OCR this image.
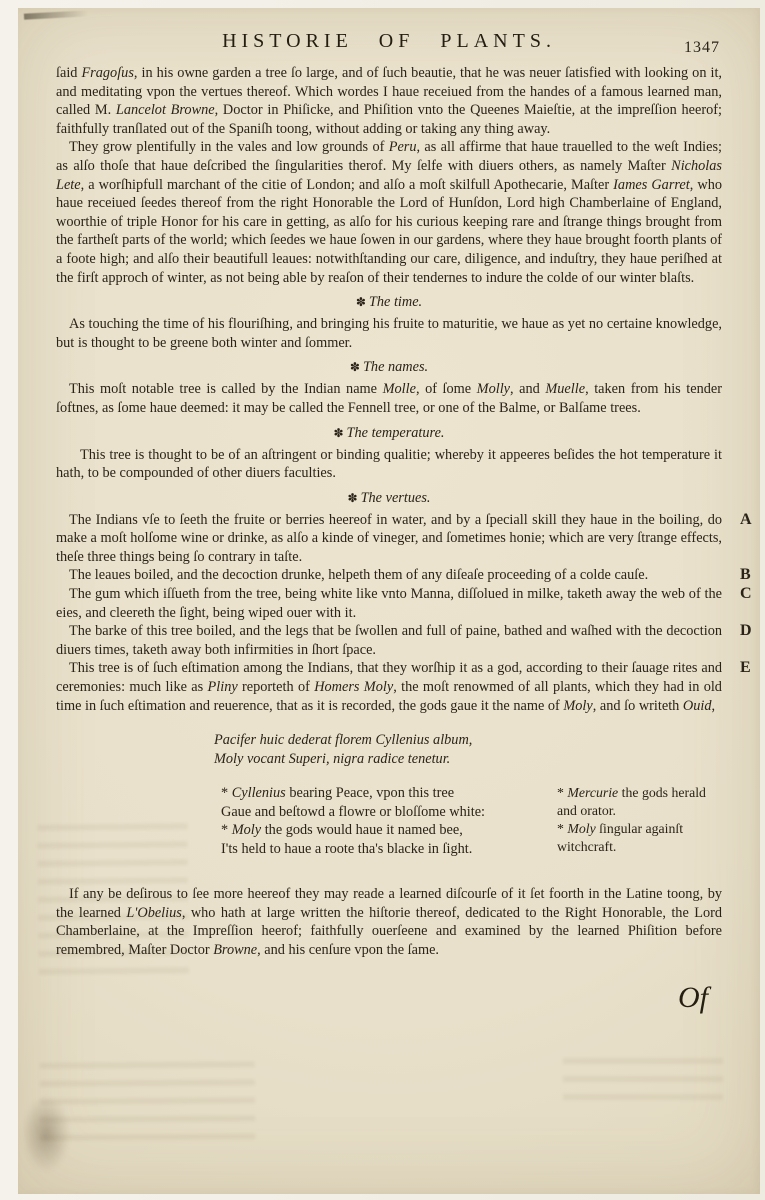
HISTORIE OF PLANTS.	1347

ſaid Fragoſus, in his owne garden a tree ſo large, and of ſuch beautie, that he was neuer ſatisfied with looking on it, and meditating vpon the vertues thereof. Which wordes I haue receiued from the handes of a famous learned man, called M. Lancelot Browne, Doctor in Phiſicke, and Phiſition vnto the Queenes Maieſtie, at the impreſſion heerof; faithfully tranſlated out of the Spaniſh toong, without adding or taking any thing away.

They grow plentifully in the vales and low grounds of Peru, as all affirme that haue trauelled to the weſt Indies; as alſo thoſe that haue deſcribed the ſingularities therof. My ſelfe with diuers others, as namely Maſter Nicholas Lete, a worſhipfull marchant of the citie of London; and alſo a moſt skilfull Apothecarie, Maſter Iames Garret, who haue receiued ſeedes thereof from the right Honorable the Lord of Hunſdon, Lord high Chamberlaine of England, woorthie of triple Honor for his care in getting, as alſo for his curious keeping rare and ſtrange things brought from the fartheſt parts of the world; which ſeedes we haue ſowen in our gardens, where they haue brought foorth plants of a foote high; and alſo their beautifull leaues: notwithſtanding our care, diligence, and induſtry, they haue periſhed at the firſt approch of winter, as not being able by reaſon of their tendernes to indure the colde of our winter blaſts.

✽ The time.

As touching the time of his flouriſhing, and bringing his fruite to maturitie, we haue as yet no certaine knowledge, but is thought to be greene both winter and ſommer.

✽ The names.

This moſt notable tree is called by the Indian name Molle, of ſome Molly, and Muelle, taken from his tender ſoftnes, as ſome haue deemed: it may be called the Fennell tree, or one of the Balme, or Balſame trees.

✽ The temperature.

This tree is thought to be of an aſtringent or binding qualitie; whereby it appeeres beſides the hot temperature it hath, to be compounded of other diuers faculties.

✽ The vertues.

The Indians vſe to ſeeth the fruite or berries heereof in water, and by a ſpeciall skill they haue in the boiling, do make a moſt holſome wine or drinke, as alſo a kinde of vineger, and ſometimes honie; which are very ſtrange effects, theſe three things being ſo contrary in taſte.

A

The leaues boiled, and the decoction drunke, helpeth them of any diſeaſe proceeding of a colde cauſe.	B

The gum which iſſueth from the tree, being white like vnto Manna, diſſolued in milke, taketh away the web of the eies, and cleereth the ſight, being wiped ouer with it.

C

The barke of this tree boiled, and the legs that be ſwollen and full of paine, bathed and waſhed with the decoction diuers times, taketh away both infirmities in ſhort ſpace.

D

This tree is of ſuch eſtimation among the Indians, that they worſhip it as a god, according to their ſauage rites and ceremonies: much like as Pliny reporteth of Homers Moly, the moſt renowmed of all plants, which they had in old time in ſuch eſtimation and reuerence, that as it is recorded, the gods gaue it the name of Moly, and ſo writeth Ouid,

E

Pacifer huic dederat florem Cyllenius album,

Moly vocant Superi, nigra radice tenetur.

* Cyllenius bearing Peace, vpon this tree

Gaue and beſtowd a flowre or bloſſome white:

* Moly the gods would haue it named bee,

I'ts held to haue a roote tha's blacke in ſight.

* Mercurie the gods herald and orator.

* Moly ſingular againſt witchcraft.

If any be deſirous to ſee more heereof they may reade a learned diſcourſe of it ſet foorth in the Latine toong, by the learned L'Obelius, who hath at large written the hiſtorie thereof, dedicated to the Right Honorable, the Lord Chamberlaine, at the Impreſſion heerof; faithfully ouerſeene and examined by the learned Phiſition before remembred, Maſter Doctor Browne, and his cenſure vpon the ſame.

Of
